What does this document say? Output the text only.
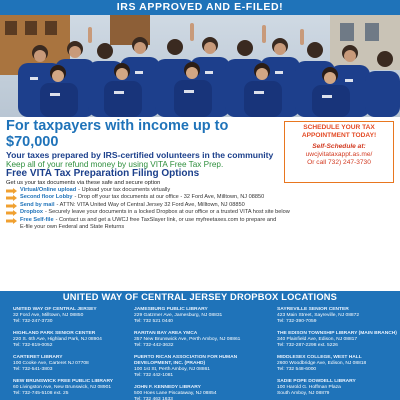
IRS APPROVED AND E-FILED!
For taxpayers with income up to $70,000
Your taxes prepared by IRS-certified volunteers in the community
Keep all of your refund money by using VITA Free Tax Prep.
SCHEDULE YOUR TAX
APPOINTMENT TODAY!
Self-Schedule at:
uwcjvitataxappt.as.me/
Or call 732) 247-3730
Free VITA Tax Preparation Filing Options
Get us your tax documents via these safe and secure option
Virtual/Online upload - Upload your tax documents virtually
Second floor Lobby - Drop off your tax documents at our office - 32 Ford Ave, Milltown, NJ 08850
Send by mail - ATTN: VITA United Way of Central Jersey 32 Ford Ave, Milltown, NJ 08850
Dropbox - Securely leave your documents in a locked Dropbox at our office or a trusted VITA host site below
Free Self-file - Contact us and get a UWCJ free TaxSlayer link, or use myfreetaxes.com to prepare and
E-file your own Federal and State Returns
UNITED WAY OF CENTRAL JERSEY DROPBOX LOCATIONS
UNITED WAY OF CENTRAL JERSEY
32 Ford Ave, Milltown, NJ 08850
Tel: 732-247-3730
HIGHLAND PARK SENIOR CENTER
220 S. 6th Ave, Highland Park, NJ 08904
Tel: 732-819-0052
CARTERET LIBRARY
100 Cooke Ave, Carteret NJ 07708
Tel: 732-541-3803
NEW BRUNSWICK FREE PUBLIC LIBRARY
60 Livingston Ave, New Brunswick, NJ 08901
Tel: 732-745-5108 ext. 25
JAMESBURG PUBLIC LIBRARY
229 Gatzmer Ave, Jamesburg, NJ 08831
Tel: 732 521 0440
RARITAN BAY AREA YMCA
357 New Brunswick Ave, Perth Amboy, NJ 08861
Tel: 732-442-3632
PUERTO RICAN ASSOCIATION FOR HUMAN DEVELOPMENT, INC. (PRAHD)
100 1st St, Perth Amboy, NJ 08861
Tel: 732 442-1081
JOHN F. KENNEDY LIBRARY
500 Hoes Lane Piscataway, NJ 08854
Tel: 732 463 1633
SAYREVILLE SENIOR CENTER
423 Main Street, Sayreville, NJ 08872
Tel: 732-390-7059
THE EDISON TOWNSHIP LIBRARY (MAIN BRANCH)
340 Plainfield Ave, Edison, NJ 08817
Tel: 732-287-2298 ext. 5226
MIDDLESEX COLLEGE, WEST HALL
2600 Woodbridge Ave, Edison, NJ 08818
Tel: 732 548-6000
SADIE POPE DOWDELL LIBRARY
100 Harold G. Hoffman Plaza
South Amboy, NJ 08879
